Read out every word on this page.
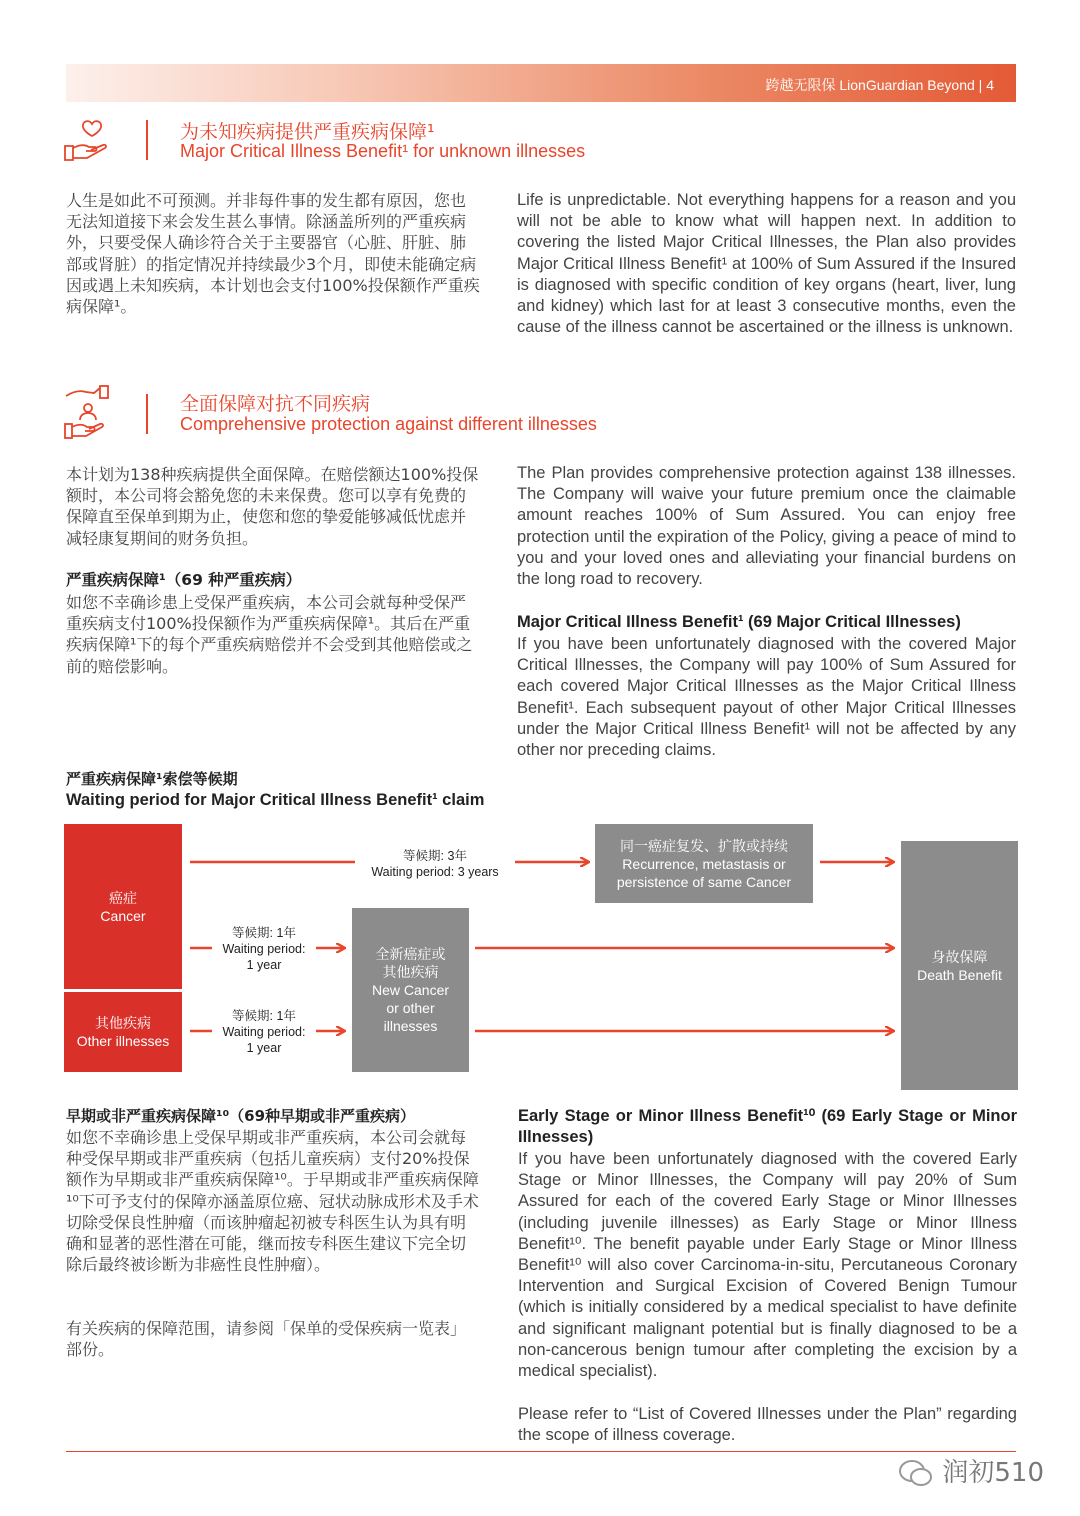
跨越无限保 LionGuardian Beyond | 4
为未知疾病提供严重疾病保障¹
Major Critical Illness Benefit¹ for unknown illnesses
人生是如此不可预测。并非每件事的发生都有原因，您也无法知道接下来会发生甚么事情。除涵盖所列的严重疾病外，只要受保人确诊符合关于主要器官（心脏、肝脏、肺部或肾脏）的指定情况并持续最少3个月，即使未能确定病因或遇上未知疾病，本计划也会支付100%投保额作严重疾病保障¹。
Life is unpredictable. Not everything happens for a reason and you will not be able to know what will happen next. In addition to covering the listed Major Critical Illnesses, the Plan also provides Major Critical Illness Benefit¹ at 100% of Sum Assured if the Insured is diagnosed with specific condition of key organs (heart, liver, lung and kidney) which last for at least 3 consecutive months, even the cause of the illness cannot be ascertained or the illness is unknown.
全面保障对抗不同疾病
Comprehensive protection against different illnesses
本计划为138种疾病提供全面保障。在赔偿额达100%投保额时，本公司将会豁免您的未来保费。您可以享有免费的保障直至保单到期为止，使您和您的挚爱能够减低忧虑并减轻康复期间的财务负担。
The Plan provides comprehensive protection against 138 illnesses. The Company will waive your future premium once the claimable amount reaches 100% of Sum Assured. You can enjoy free protection until the expiration of the Policy, giving a peace of mind to you and your loved ones and alleviating your financial burdens on the long road to recovery.
严重疾病保障¹（69 种严重疾病）
如您不幸确诊患上受保严重疾病，本公司会就每种受保严重疾病支付100%投保额作为严重疾病保障¹。其后在严重疾病保障¹下的每个严重疾病赔偿并不会受到其他赔偿或之前的赔偿影响。
Major Critical Illness Benefit¹ (69 Major Critical Illnesses)
If you have been unfortunately diagnosed with the covered Major Critical Illnesses, the Company will pay 100% of Sum Assured for each covered Major Critical Illnesses as the Major Critical Illness Benefit¹. Each subsequent payout of other Major Critical Illnesses under the Major Critical Illness Benefit¹ will not be affected by any other nor preceding claims.
严重疾病保障¹索偿等候期
Waiting period for Major Critical Illness Benefit¹ claim
癌症
Cancer
其他疾病
Other illnesses
全新癌症或
其他疾病
New Cancer
or other
illnesses
同一癌症复发、扩散或持续
Recurrence, metastasis or
persistence of same Cancer
身故保障
Death Benefit
等候期: 3年
Waiting period: 3 years
等候期: 1年
Waiting period:
1 year
等候期: 1年
Waiting period:
1 year
早期或非严重疾病保障¹⁰（69种早期或非严重疾病）
如您不幸确诊患上受保早期或非严重疾病，本公司会就每种受保早期或非严重疾病（包括儿童疾病）支付20%投保额作为早期或非严重疾病保障¹⁰。于早期或非严重疾病保障¹⁰下可予支付的保障亦涵盖原位癌、冠状动脉成形术及手术切除受保良性肿瘤（而该肿瘤起初被专科医生认为具有明确和显著的恶性潜在可能，继而按专科医生建议下完全切除后最终被诊断为非癌性良性肿瘤）。
有关疾病的保障范围，请参阅「保单的受保疾病一览表」部份。
Early Stage or Minor Illness Benefit¹⁰ (69 Early Stage or Minor Illnesses)
If you have been unfortunately diagnosed with the covered Early Stage or Minor Illnesses, the Company will pay 20% of Sum Assured for each of the covered Early Stage or Minor Illnesses (including juvenile illnesses) as Early Stage or Minor Illness Benefit¹⁰. The benefit payable under Early Stage or Minor Illness Benefit¹⁰ will also cover Carcinoma-in-situ, Percutaneous Coronary Intervention and Surgical Excision of Covered Benign Tumour (which is initially considered by a medical specialist to have definite and significant malignant potential but is finally diagnosed to be a non-cancerous benign tumour after completing the excision by a medical specialist).
Please refer to “List of Covered Illnesses under the Plan” regarding the scope of illness coverage.
润初510
